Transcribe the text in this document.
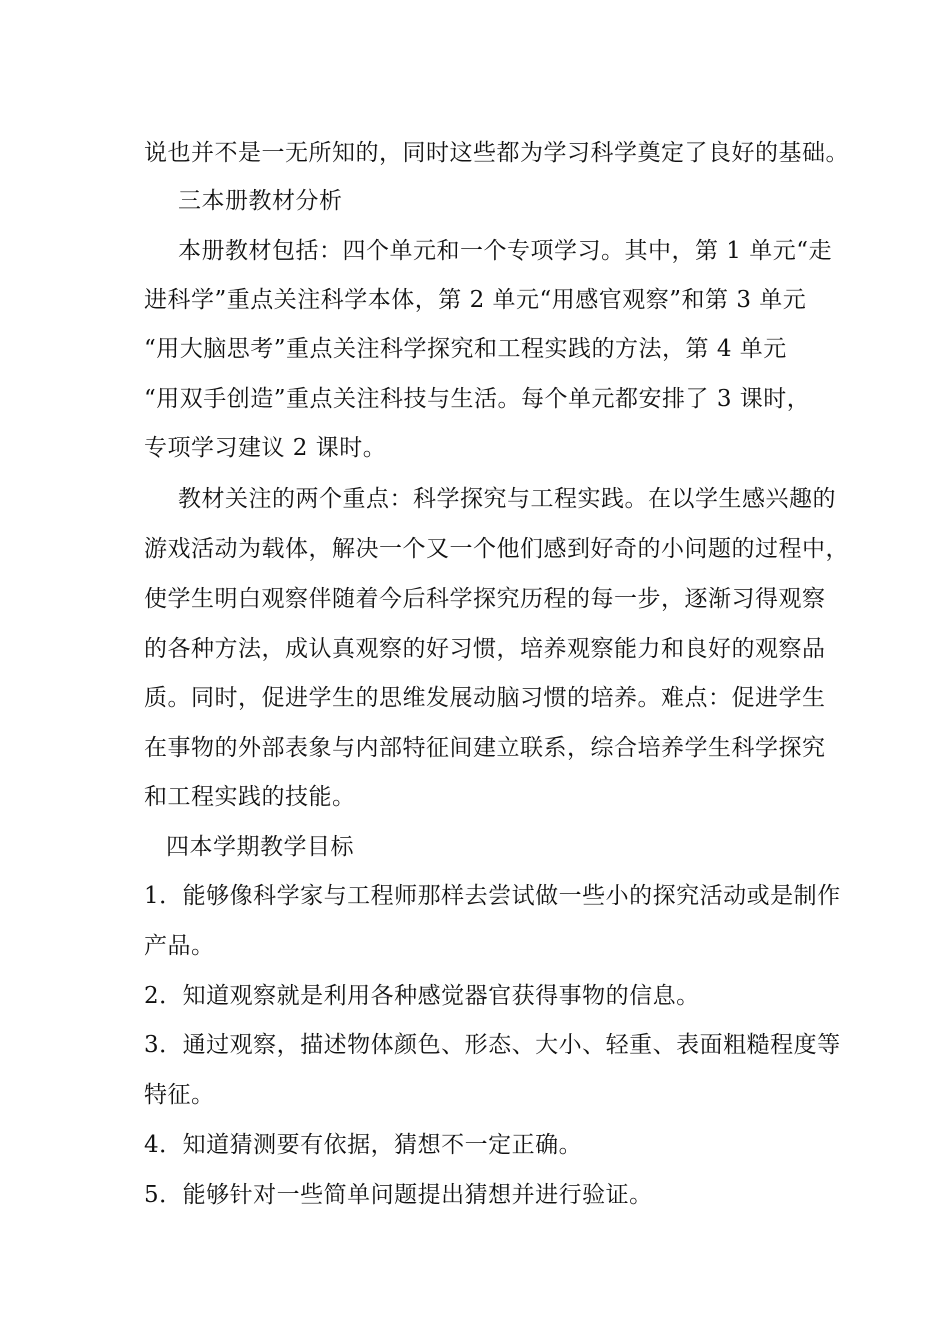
说也并不是一无所知的，同时这些都为学习科学奠定了良好的基础。
三本册教材分析
本册教材包括：四个单元和一个专项学习。其中，第 1 单元“走
进科学”重点关注科学本体，第 2 单元“用感官观察”和第 3 单元
“用大脑思考”重点关注科学探究和工程实践的方法，第 4 单元
“用双手创造”重点关注科技与生活。每个单元都安排了 3 课时，
专项学习建议 2 课时。
教材关注的两个重点：科学探究与工程实践。在以学生感兴趣的
游戏活动为载体，解决一个又一个他们感到好奇的小问题的过程中，
使学生明白观察伴随着今后科学探究历程的每一步，逐渐习得观察
的各种方法，成认真观察的好习惯，培养观察能力和良好的观察品
质。同时，促进学生的思维发展动脑习惯的培养。难点：促进学生
在事物的外部表象与内部特征间建立联系，综合培养学生科学探究
和工程实践的技能。
四本学期教学目标
1．能够像科学家与工程师那样去尝试做一些小的探究活动或是制作
产品。
2．知道观察就是利用各种感觉器官获得事物的信息。
3．通过观察，描述物体颜色、形态、大小、轻重、表面粗糙程度等
特征。
4．知道猜测要有依据，猜想不一定正确。
5．能够针对一些简单问题提出猜想并进行验证。
